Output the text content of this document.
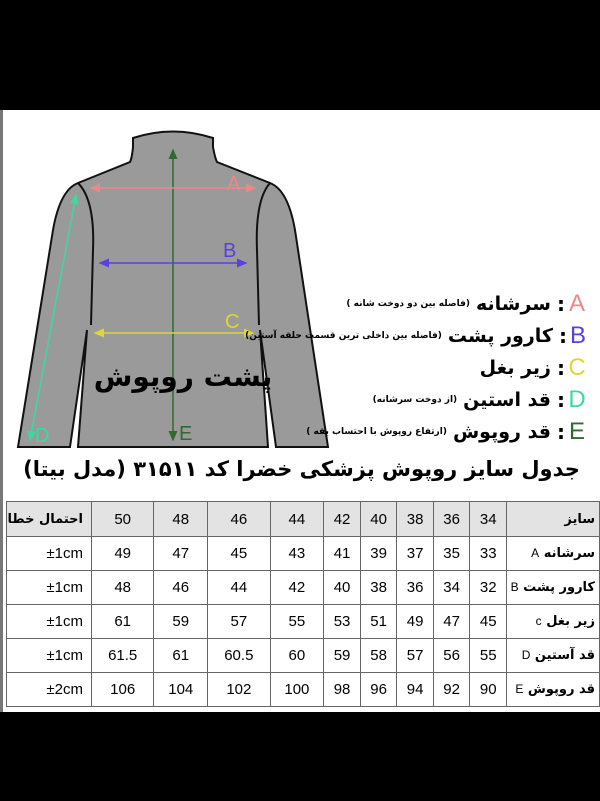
A
B
C
D	E
پشت روپوش
A
:
سرشانه
(فاصله بین دو دوخت شانه )
B
:
کارور پشت
(فاصله بین داخلی ترین قسمت حلقه آستین)
C
:
زیر بغل
D
:
قد استین
(از دوخت سرشانه)
E
:
قد روپوش
(ارتفاع روپوش با احتساب یقه )
جدول سایز روپوش پزشکی خضرا کد ۳۱۵۱۱ (مدل بیتا)
احتمال خطا	50	48	46	44	42	40	38	36	34	سایز
±1cm	49	47	45	43	41	39	37	35	33	سرشانه A
±1cm	48	46	44	42	40	38	36	34	32	کارور پشت B
±1cm	61	59	57	55	53	51	49	47	45	زیر بغل c
±1cm	61.5	61	60.5	60	59	58	57	56	55	قد آستین D
±2cm	106	104	102	100	98	96	94	92	90	قد روپوش E
